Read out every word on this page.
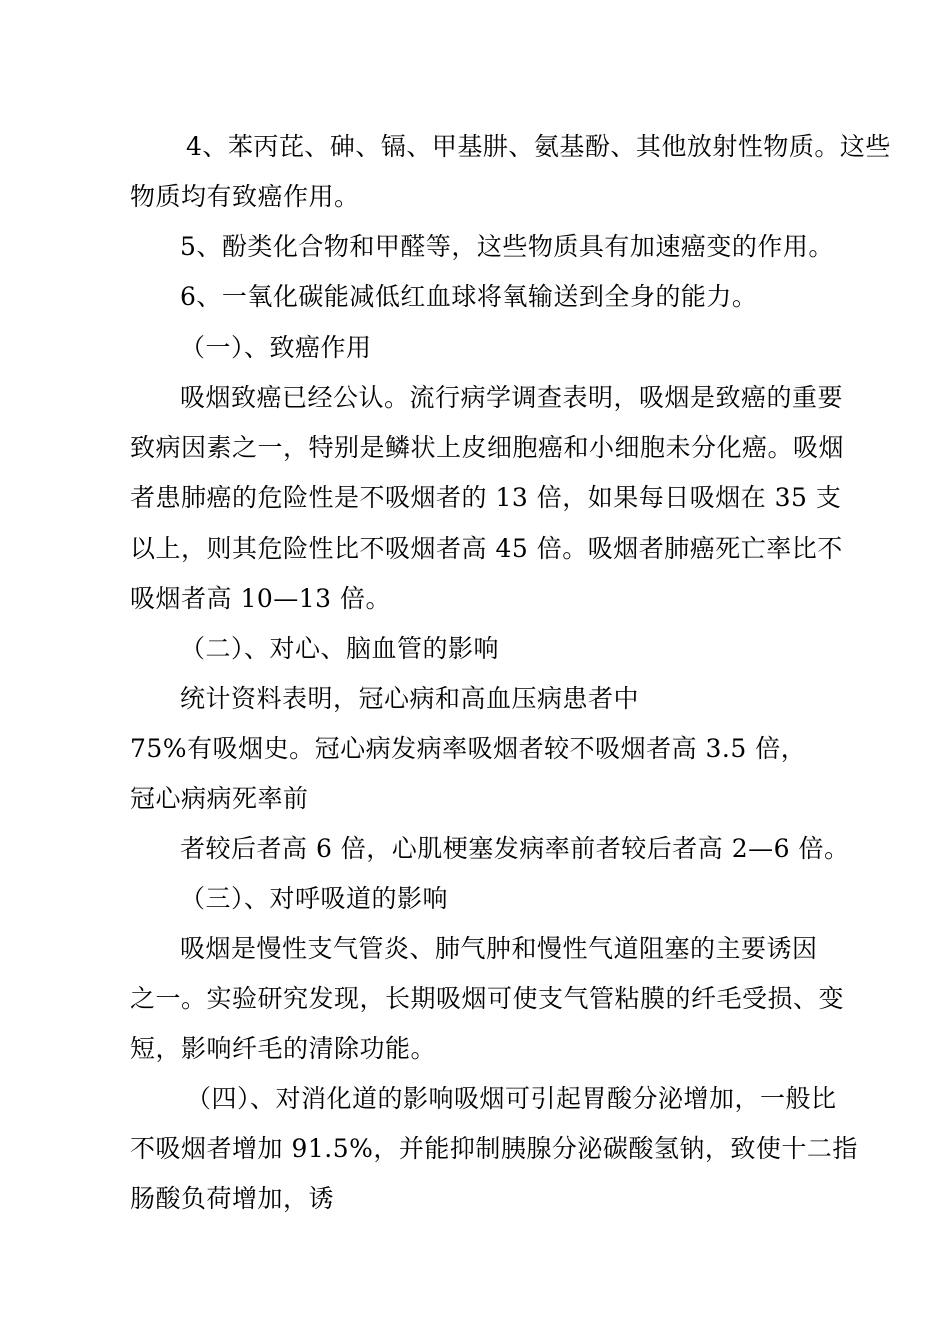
4、苯丙芘、砷、镉、甲基肼、氨基酚、其他放射性物质。这些
物质均有致癌作用。
5、酚类化合物和甲醛等，这些物质具有加速癌变的作用。
6、一氧化碳能减低红血球将氧输送到全身的能力。
（一）、致癌作用
吸烟致癌已经公认。流行病学调查表明，吸烟是致癌的重要
致病因素之一，特别是鳞状上皮细胞癌和小细胞未分化癌。吸烟
者患肺癌的危险性是不吸烟者的 13 倍，如果每日吸烟在 35 支
以上，则其危险性比不吸烟者高 45 倍。吸烟者肺癌死亡率比不
吸烟者高 10—13 倍。
（二）、对心、脑血管的影响
统计资料表明，冠心病和高血压病患者中
75%有吸烟史。冠心病发病率吸烟者较不吸烟者高 3.5 倍，
冠心病病死率前
者较后者高 6 倍，心肌梗塞发病率前者较后者高 2—6 倍。
（三）、对呼吸道的影响
吸烟是慢性支气管炎、肺气肿和慢性气道阻塞的主要诱因
之一。实验研究发现，长期吸烟可使支气管粘膜的纤毛受损、变
短，影响纤毛的清除功能。
（四）、对消化道的影响吸烟可引起胃酸分泌增加，一般比
不吸烟者增加 91.5%，并能抑制胰腺分泌碳酸氢钠，致使十二指
肠酸负荷增加，诱
